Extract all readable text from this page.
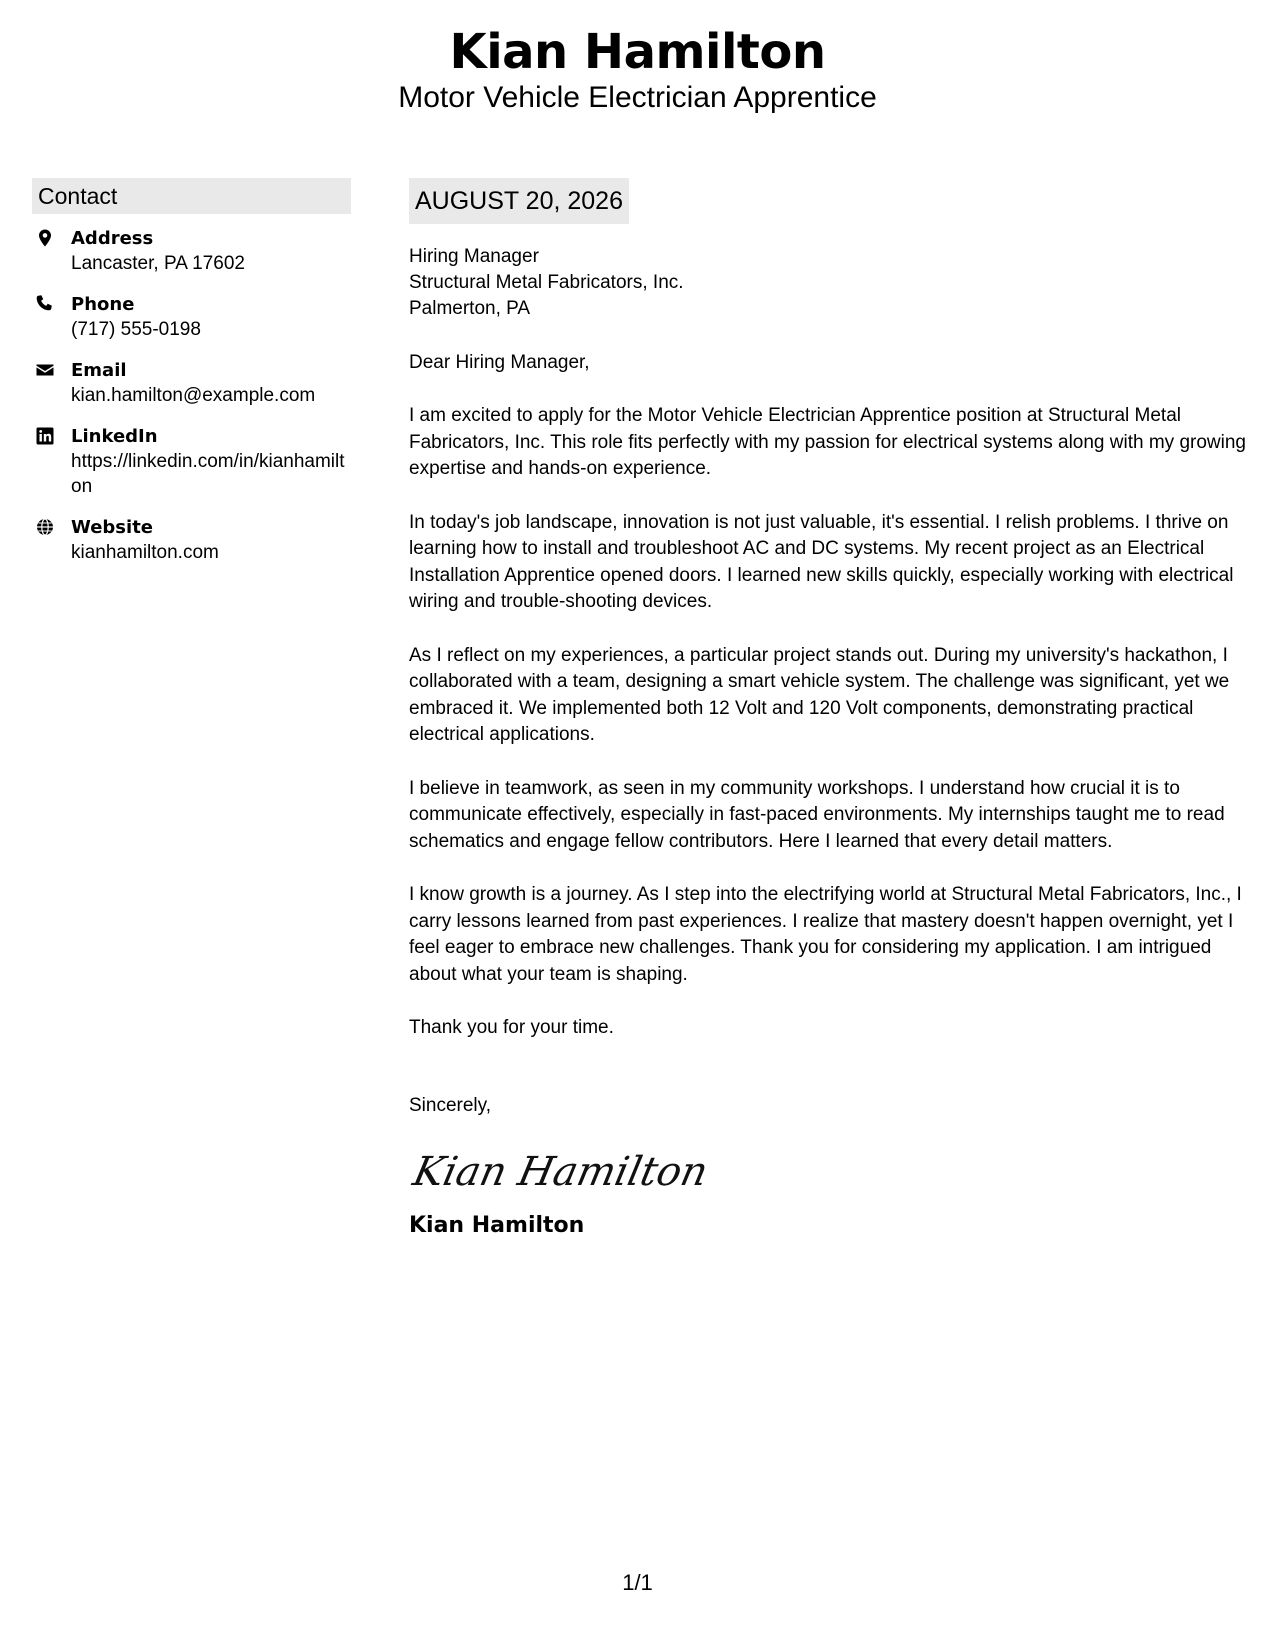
Kian Hamilton
Motor Vehicle Electrician Apprentice
Contact
Address
Lancaster, PA 17602
Phone
(717) 555-0198
Email
kian.hamilton@example.com
LinkedIn
https://linkedin.com/in/kianhamilton
Website
kianhamilton.com
AUGUST 20, 2026
Hiring Manager
Structural Metal Fabricators, Inc.
Palmerton, PA
Dear Hiring Manager,
I am excited to apply for the Motor Vehicle Electrician Apprentice position at Structural Metal Fabricators, Inc. This role fits perfectly with my passion for electrical systems along with my growing expertise and hands-on experience.
In today's job landscape, innovation is not just valuable, it's essential. I relish problems. I thrive on learning how to install and troubleshoot AC and DC systems. My recent project as an Electrical Installation Apprentice opened doors. I learned new skills quickly, especially working with electrical wiring and trouble-shooting devices.
As I reflect on my experiences, a particular project stands out. During my university's hackathon, I collaborated with a team, designing a smart vehicle system. The challenge was significant, yet we embraced it. We implemented both 12 Volt and 120 Volt components, demonstrating practical electrical applications.
I believe in teamwork, as seen in my community workshops. I understand how crucial it is to communicate effectively, especially in fast-paced environments. My internships taught me to read schematics and engage fellow contributors. Here I learned that every detail matters.
I know growth is a journey. As I step into the electrifying world at Structural Metal Fabricators, Inc., I carry lessons learned from past experiences. I realize that mastery doesn't happen overnight, yet I feel eager to embrace new challenges. Thank you for considering my application. I am intrigued about what your team is shaping.
Thank you for your time.
Sincerely,
Kian Hamilton
Kian Hamilton
1/1
